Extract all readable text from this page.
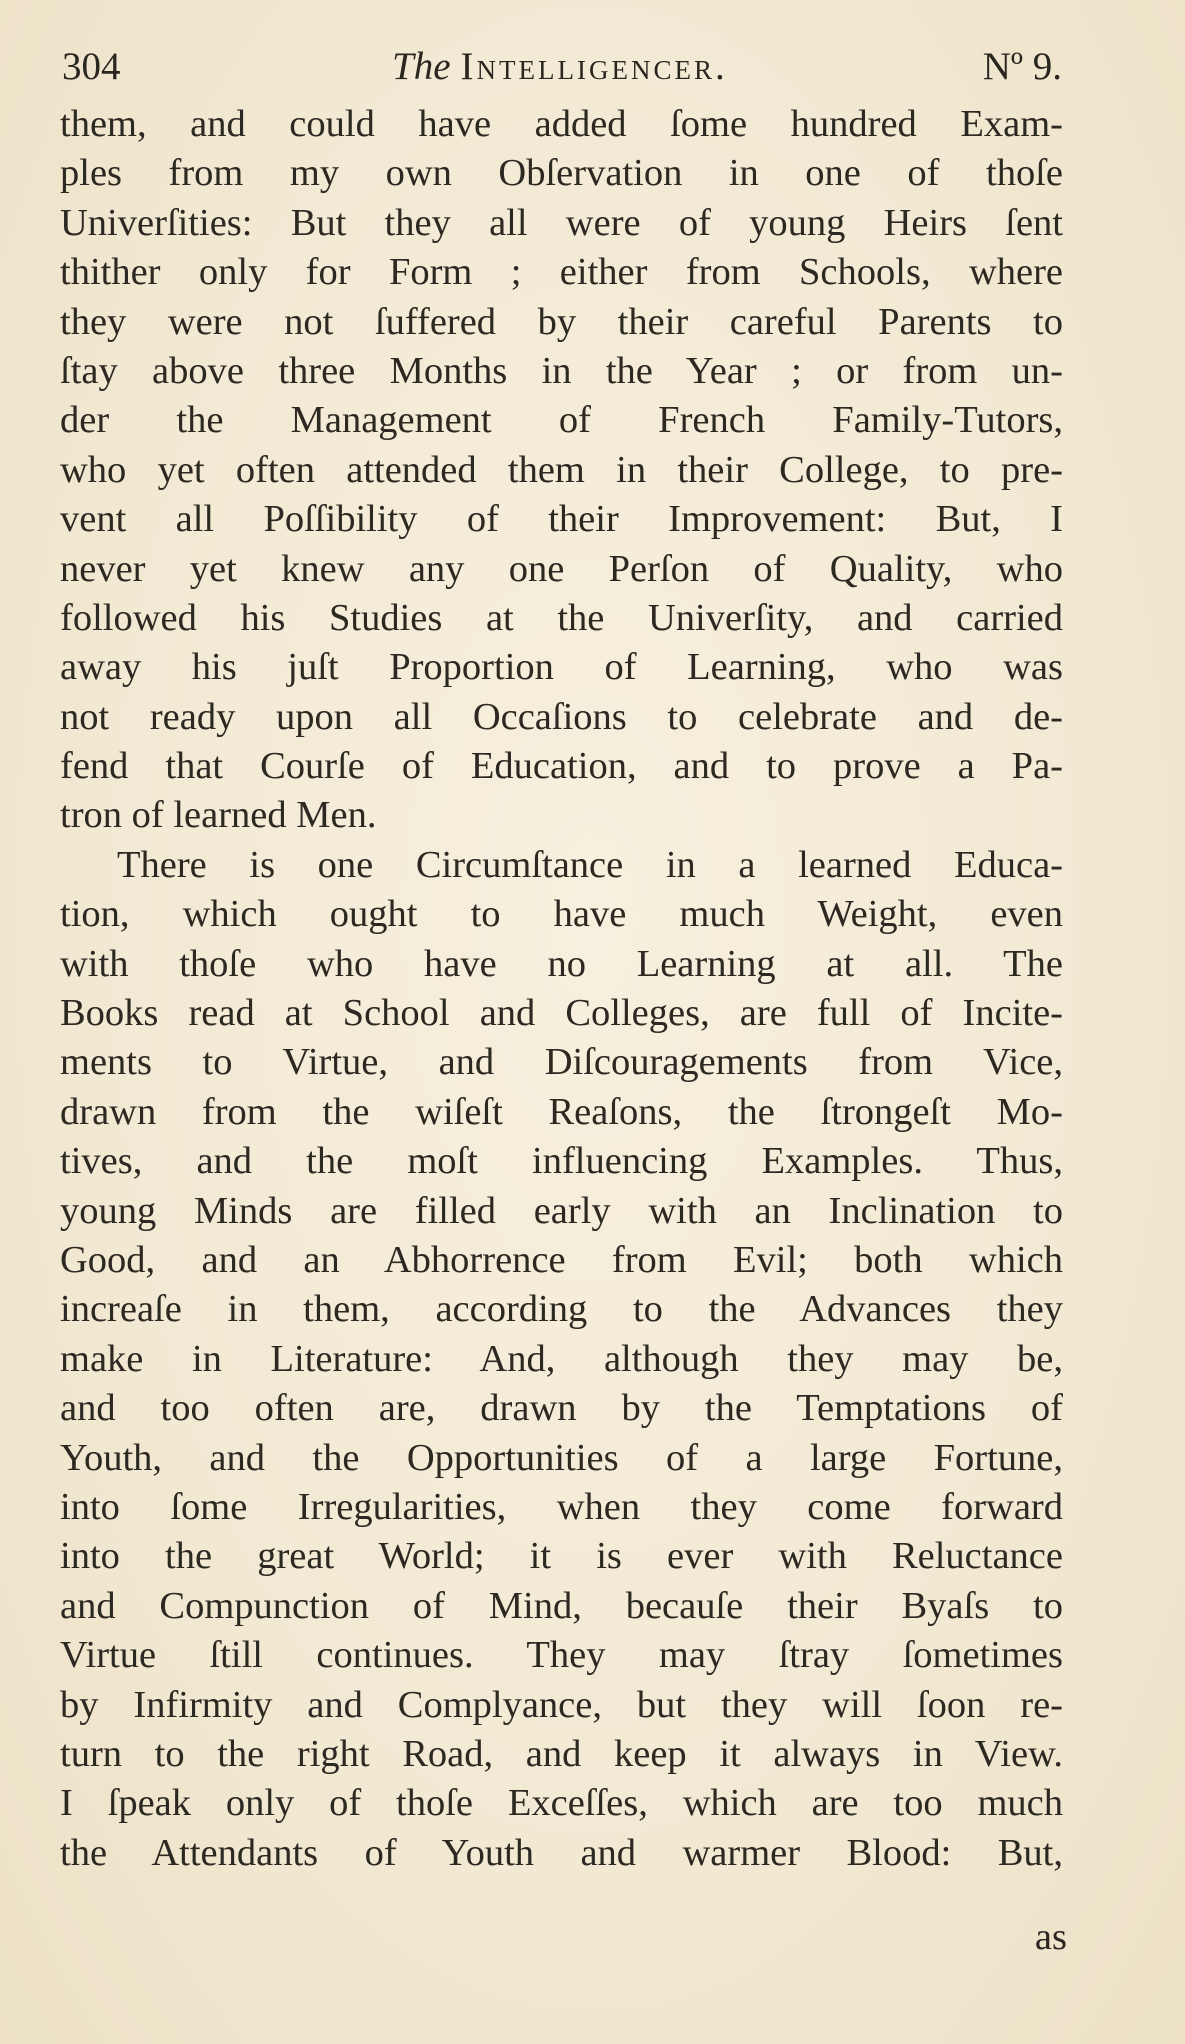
304	The Intelligencer.	Nº 9.
them, and could have added ſome hundred Exam-
ples from my own Obſervation in one of thoſe
Univerſities: But they all were of young Heirs ſent
thither only for Form ; either from Schools, where
they were not ſuffered by their careful Parents to
ſtay above three Months in the Year ; or from un-
der the Management of French Family-Tutors,
who yet often attended them in their College, to pre-
vent all Poſſibility of their Improvement: But, I
never yet knew any one Perſon of Quality, who
followed his Studies at the Univerſity, and carried
away his juſt Proportion of Learning, who was
not ready upon all Occaſions to celebrate and de-
fend that Courſe of Education, and to prove a Pa-
tron of learned Men.
There is one Circumſtance in a learned Educa-
tion, which ought to have much Weight, even
with thoſe who have no Learning at all. The
Books read at School and Colleges, are full of Incite-
ments to Virtue, and Diſcouragements from Vice,
drawn from the wiſeſt Reaſons, the ſtrongeſt Mo-
tives, and the moſt influencing Examples. Thus,
young Minds are filled early with an Inclination to
Good, and an Abhorrence from Evil; both which
increaſe in them, according to the Advances they
make in Literature: And, although they may be,
and too often are, drawn by the Temptations of
Youth, and the Opportunities of a large Fortune,
into ſome Irregularities, when they come forward
into the great World; it is ever with Reluctance
and Compunction of Mind, becauſe their Byaſs to
Virtue ſtill continues. They may ſtray ſometimes
by Infirmity and Complyance, but they will ſoon re-
turn to the right Road, and keep it always in View.
I ſpeak only of thoſe Exceſſes, which are too much
the Attendants of Youth and warmer Blood: But,
as
